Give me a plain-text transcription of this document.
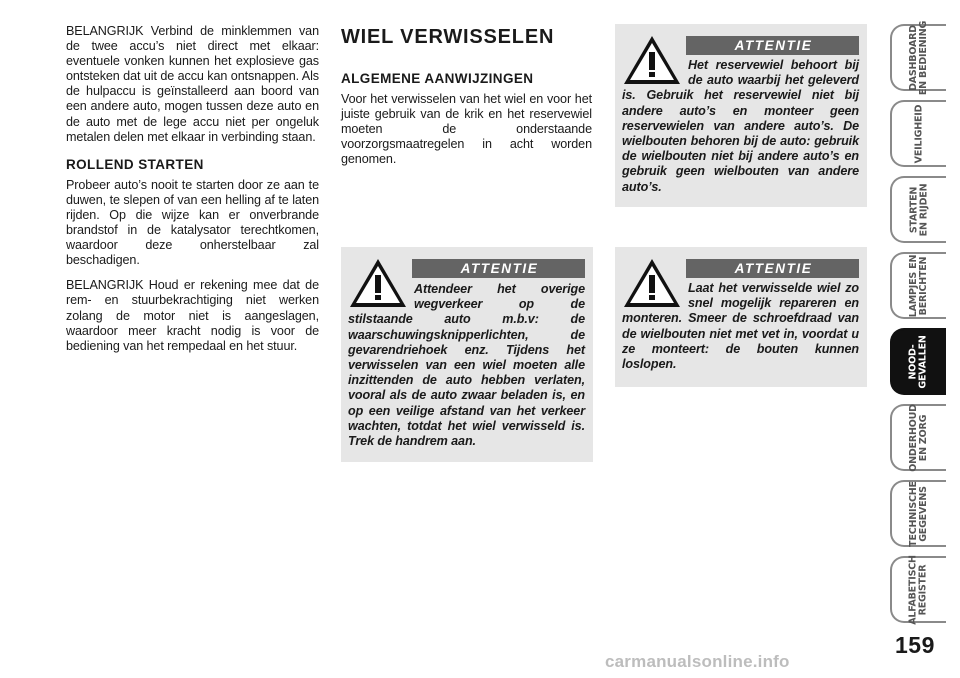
BELANGRIJK Verbind de minklemmen van de twee accu’s niet direct met elkaar: eventuele vonken kunnen het explosieve gas ontsteken dat uit de accu kan ontsnappen. Als de hulpaccu is geïnstalleerd aan boord van een andere auto, mogen tussen deze auto en de auto met de lege accu niet per ongeluk metalen delen met elkaar in verbinding staan.

ROLLEND STARTEN

Probeer auto’s nooit te starten door ze aan te duwen, te slepen of van een helling af te laten rijden. Op die wijze kan er onverbrande brandstof in de katalysator terechtkomen, waardoor deze onherstelbaar zal beschadigen.

BELANGRIJK Houd er rekening mee dat de rem- en stuurbekrachtiging niet werken zolang de motor niet is aangeslagen, waardoor meer kracht nodig is voor de bediening van het rempedaal en het stuur.

WIEL VERWISSELEN
ALGEMENE AANWIJZINGEN

Voor het verwisselen van het wiel en voor het juiste gebruik van de krik en het reservewiel moeten de onderstaande voorzorgsmaatregelen in acht worden genomen.

ATTENTIE

Het reservewiel behoort bij de auto waarbij het geleverd is. Gebruik het reservewiel niet bij andere auto’s en monteer geen reservewielen van andere auto’s. De wielbouten behoren bij de auto: gebruik de wielbouten niet bij andere auto’s en gebruik geen wielbouten van andere auto’s.

ATTENTIE

Attendeer het overige wegverkeer op de stilstaande auto m.b.v: de waarschuwingsknipperlichten, de gevarendriehoek enz. Tijdens het verwisselen van een wiel moeten alle inzittenden de auto hebben verlaten, vooral als de auto zwaar beladen is, en op een veilige afstand van het verkeer wachten, totdat het wiel verwisseld is. Trek de handrem aan.

ATTENTIE

Laat het verwisselde wiel zo snel mogelijk repareren en monteren. Smeer de schroefdraad van de wielbouten niet met vet in, voordat u ze monteert: de bouten kunnen loslopen.

DASHBOARD
EN BEDIENING
VEILIGHEID
STARTEN
EN RIJDEN
LAMPJES EN
BERICHTEN
NOOD-
GEVALLEN
ONDERHOUD
EN ZORG
TECHNISCHE
GEGEVENS
ALFABETISCH
REGISTER
159
carmanualsonline.info
